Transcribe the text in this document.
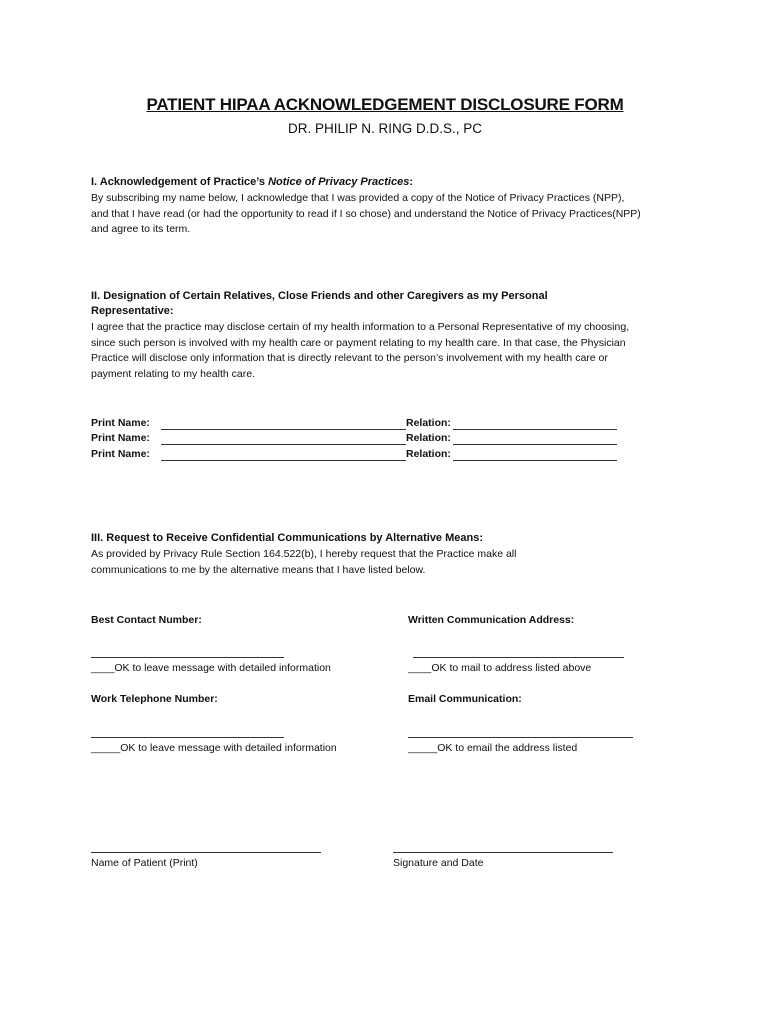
PATIENT HIPAA ACKNOWLEDGEMENT DISCLOSURE FORM
DR. PHILIP N. RING D.D.S., PC
I. Acknowledgement of Practice’s Notice of Privacy Practices:
By subscribing my name below, I acknowledge that I was provided a copy of the Notice of Privacy Practices (NPP),
and that I have read (or had the opportunity to read if I so chose) and understand the Notice of Privacy Practices(NPP)
and agree to its term.
II. Designation of Certain Relatives, Close Friends and other Caregivers as my Personal
Representative:
I agree that the practice may disclose certain of my health information to a Personal Representative of my choosing,
since such person is involved with my health care or payment relating to my health care. In that case, the Physician
Practice will disclose only information that is directly relevant to the person’s involvement with my health care or
payment relating to my health care.
Print Name:	Relation:
Print Name:	Relation:
Print Name:	Relation:
III. Request to Receive Confidential Communications by Alternative Means:
As provided by Privacy Rule Section 164.522(b), I hereby request that the Practice make all
communications to me by the alternative means that I have listed below.
Best Contact Number:	Written Communication Address:
____OK to leave message with detailed information	____OK to mail to address listed above
Work Telephone Number:	Email Communication:
_____OK to leave message with detailed information	_____OK to email the address listed
Name of Patient (Print)	Signature and Date
